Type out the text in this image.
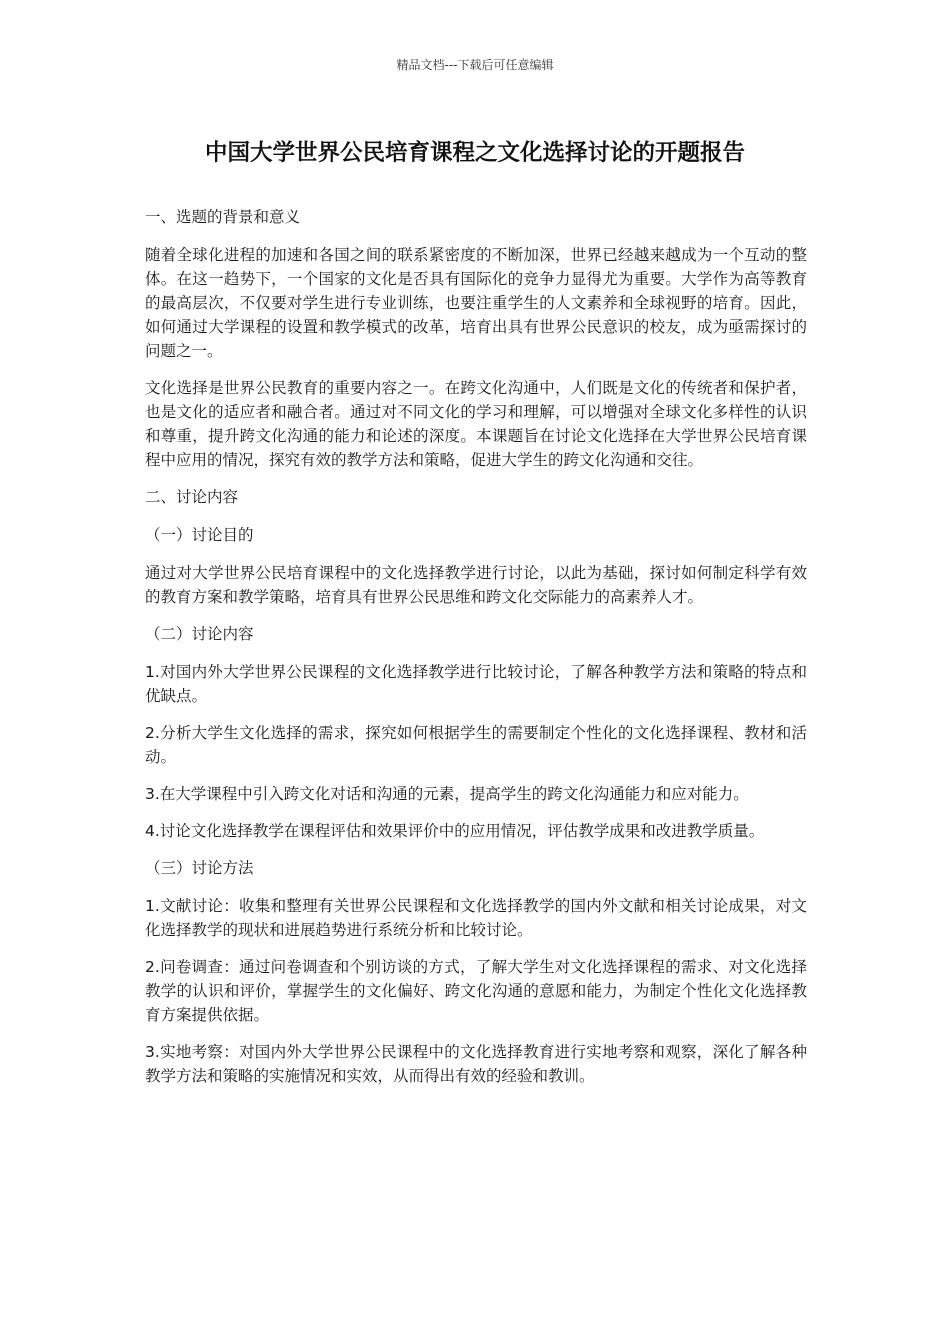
精品文档---下载后可任意编辑
中国大学世界公民培育课程之文化选择讨论的开题报告
一、选题的背景和意义

随着全球化进程的加速和各国之间的联系紧密度的不断加深，世界已经越来越成为一个互动的整体。在这一趋势下，一个国家的文化是否具有国际化的竞争力显得尤为重要。大学作为高等教育的最高层次，不仅要对学生进行专业训练，也要注重学生的人文素养和全球视野的培育。因此，如何通过大学课程的设置和教学模式的改革，培育出具有世界公民意识的校友，成为亟需探讨的问题之一。

文化选择是世界公民教育的重要内容之一。在跨文化沟通中，人们既是文化的传统者和保护者，也是文化的适应者和融合者。通过对不同文化的学习和理解，可以增强对全球文化多样性的认识和尊重，提升跨文化沟通的能力和论述的深度。本课题旨在讨论文化选择在大学世界公民培育课程中应用的情况，探究有效的教学方法和策略，促进大学生的跨文化沟通和交往。

二、讨论内容
（一）讨论目的

通过对大学世界公民培育课程中的文化选择教学进行讨论，以此为基础，探讨如何制定科学有效的教育方案和教学策略，培育具有世界公民思维和跨文化交际能力的高素养人才。

（二）讨论内容

1.对国内外大学世界公民课程的文化选择教学进行比较讨论，了解各种教学方法和策略的特点和优缺点。

2.分析大学生文化选择的需求，探究如何根据学生的需要制定个性化的文化选择课程、教材和活动。

3.在大学课程中引入跨文化对话和沟通的元素，提高学生的跨文化沟通能力和应对能力。

4.讨论文化选择教学在课程评估和效果评价中的应用情况，评估教学成果和改进教学质量。

（三）讨论方法

1.文献讨论：收集和整理有关世界公民课程和文化选择教学的国内外文献和相关讨论成果，对文化选择教学的现状和进展趋势进行系统分析和比较讨论。

2.问卷调查：通过问卷调查和个别访谈的方式，了解大学生对文化选择课程的需求、对文化选择教学的认识和评价，掌握学生的文化偏好、跨文化沟通的意愿和能力，为制定个性化文化选择教育方案提供依据。

3.实地考察：对国内外大学世界公民课程中的文化选择教育进行实地考察和观察，深化了解各种教学方法和策略的实施情况和实效，从而得出有效的经验和教训。
